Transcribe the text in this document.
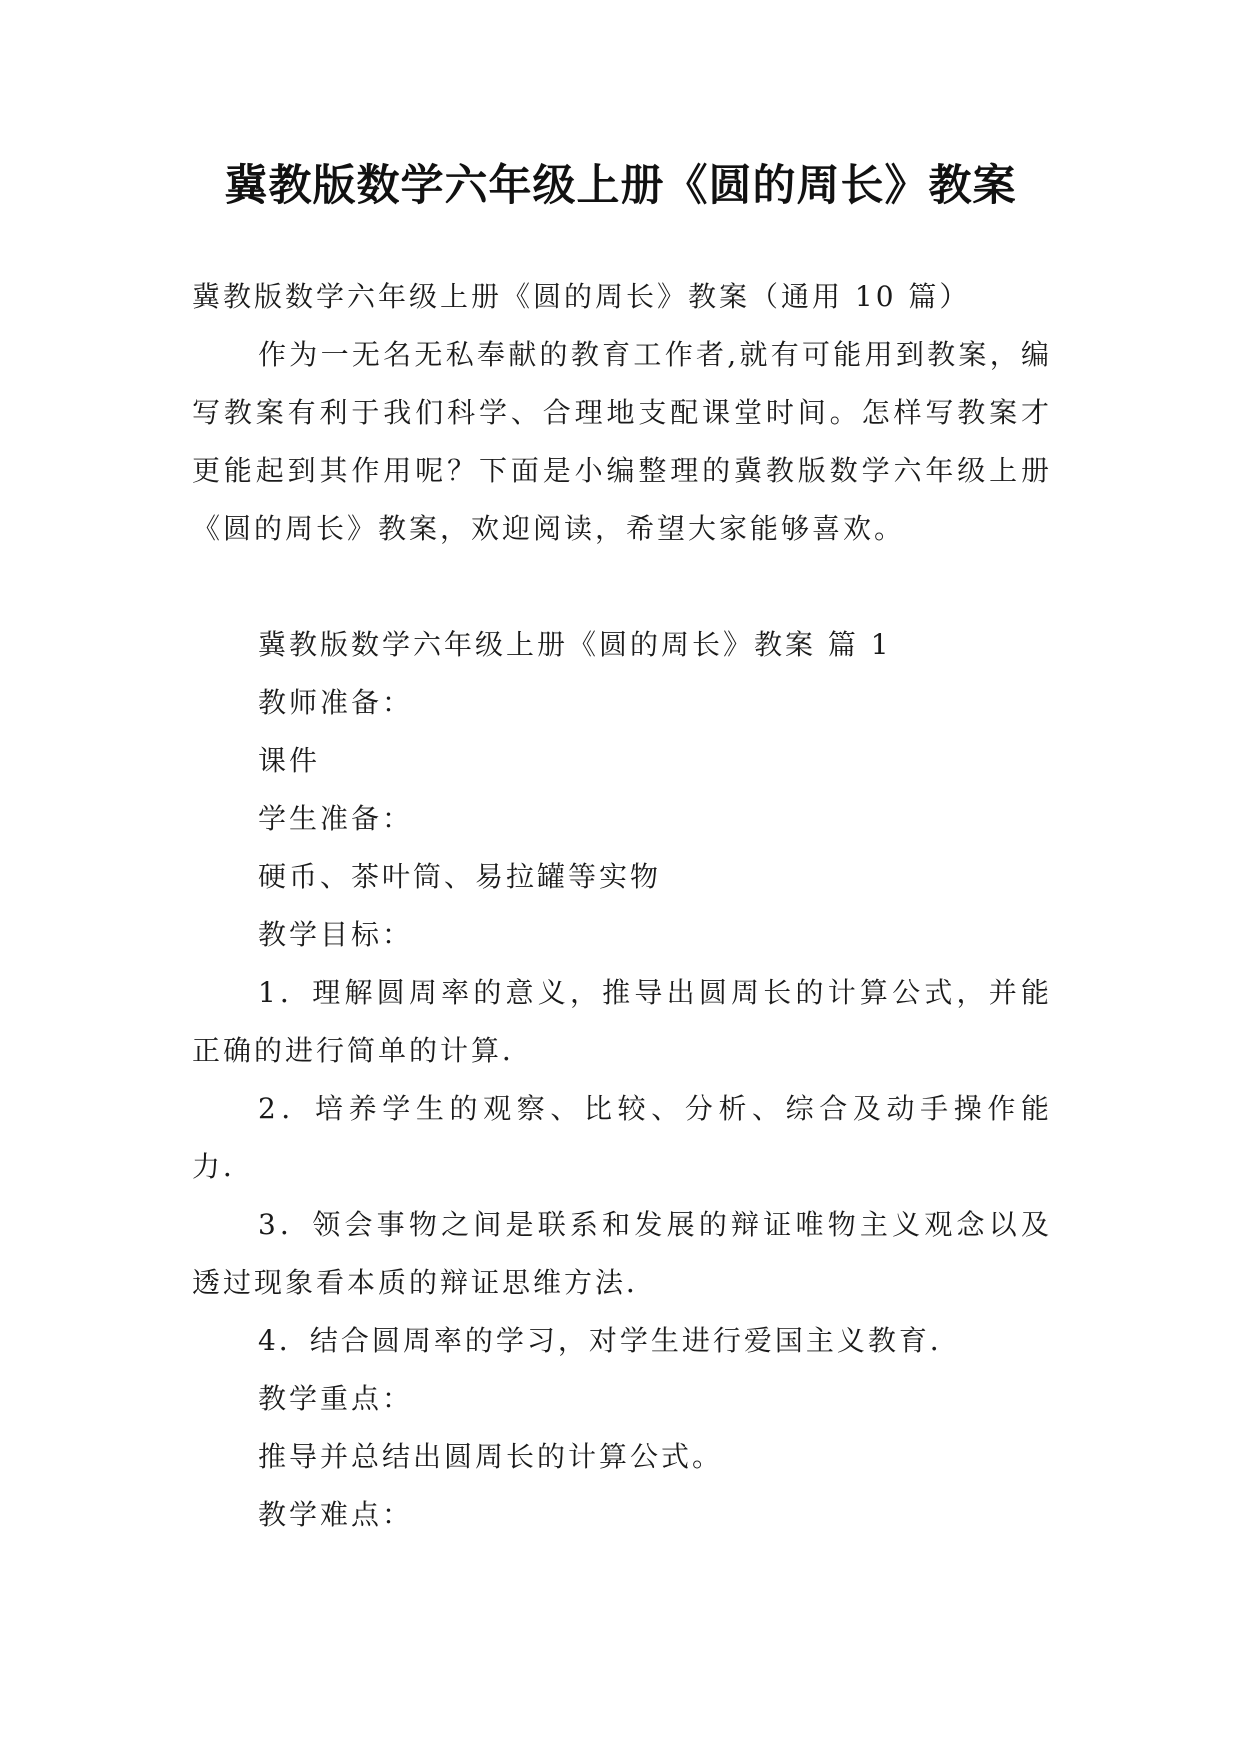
冀教版数学六年级上册《圆的周长》教案

冀教版数学六年级上册《圆的周长》教案（通用 10 篇）

作为一无名无私奉献的教育工作者,就有可能用到教案，编写教案有利于我们科学、合理地支配课堂时间。怎样写教案才更能起到其作用呢？下面是小编整理的冀教版数学六年级上册《圆的周长》教案，欢迎阅读，希望大家能够喜欢。

冀教版数学六年级上册《圆的周长》教案 篇 1

教师准备：

课件

学生准备：

硬币、茶叶筒、易拉罐等实物

教学目标：

1．理解圆周率的意义，推导出圆周长的计算公式，并能正确的进行简单的计算．

2．培养学生的观察、比较、分析、综合及动手操作能力．

3．领会事物之间是联系和发展的辩证唯物主义观念以及透过现象看本质的辩证思维方法．

4．结合圆周率的学习，对学生进行爱国主义教育．

教学重点：

推导并总结出圆周长的计算公式。

教学难点：
